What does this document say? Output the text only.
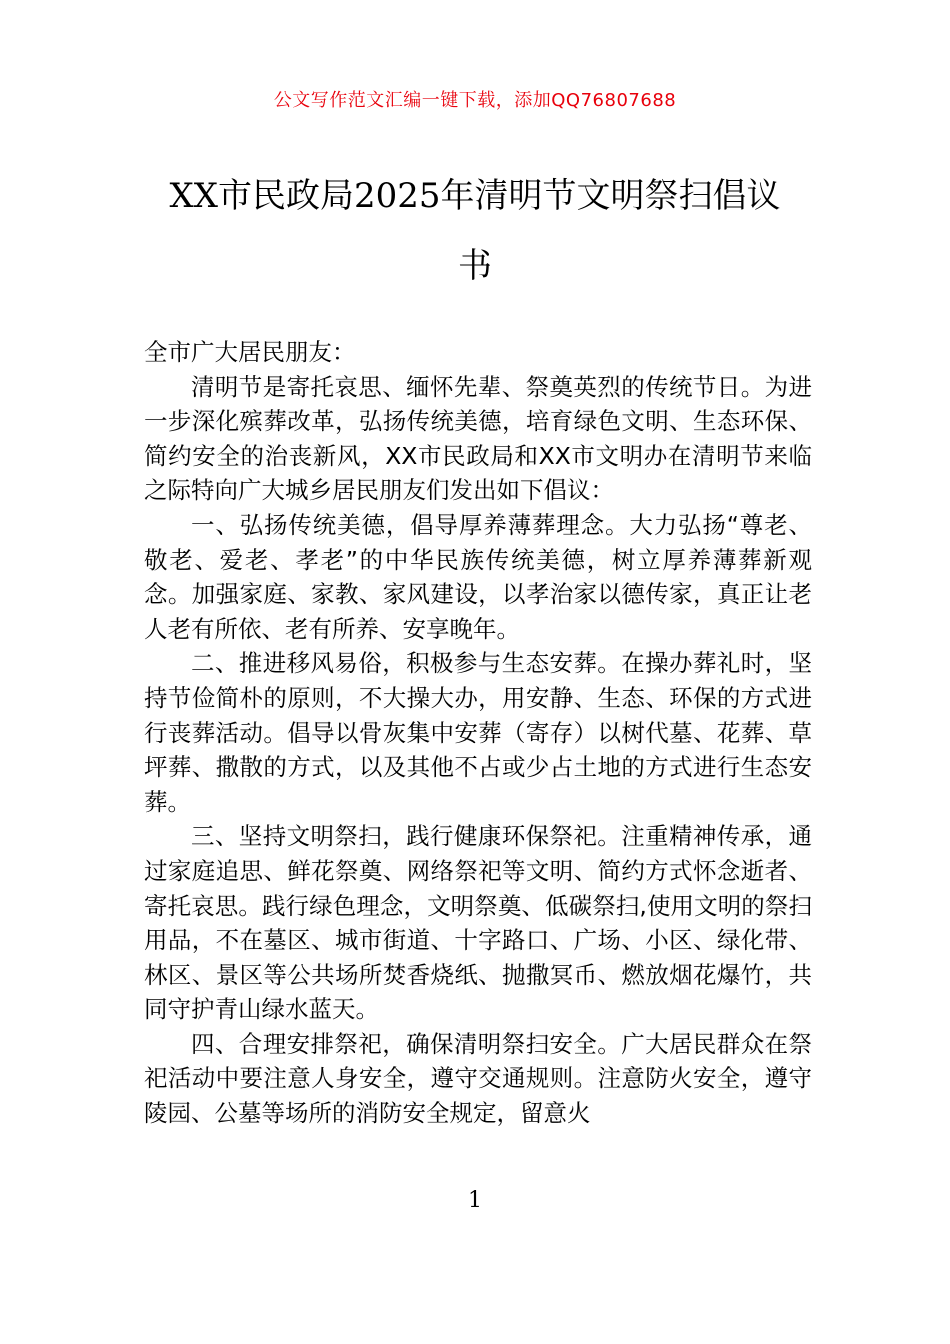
公文写作范文汇编一键下载，添加QQ76807688
XX市民政局2025年清明节文明祭扫倡议
书

全市广大居民朋友：

清明节是寄托哀思、缅怀先辈、祭奠英烈的传统节日。为进一步深化殡葬改革，弘扬传统美德，培育绿色文明、生态环保、简约安全的治丧新风，XX市民政局和XX市文明办在清明节来临之际特向广大城乡居民朋友们发出如下倡议：

一、弘扬传统美德，倡导厚养薄葬理念。大力弘扬“尊老、敬老、爱老、孝老”的中华民族传统美德，树立厚养薄葬新观念。加强家庭、家教、家风建设，以孝治家以德传家，真正让老人老有所依、老有所养、安享晚年。

二、推进移风易俗，积极参与生态安葬。在操办葬礼时，坚持节俭简朴的原则，不大操大办，用安静、生态、环保的方式进行丧葬活动。倡导以骨灰集中安葬（寄存）以树代墓、花葬、草坪葬、撒散的方式，以及其他不占或少占土地的方式进行生态安葬。

三、坚持文明祭扫，践行健康环保祭祀。注重精神传承，通过家庭追思、鲜花祭奠、网络祭祀等文明、简约方式怀念逝者、寄托哀思。践行绿色理念，文明祭奠、低碳祭扫,使用文明的祭扫用品，不在墓区、城市街道、十字路口、广场、小区、绿化带、林区、景区等公共场所焚香烧纸、抛撒冥币、燃放烟花爆竹，共同守护青山绿水蓝天。

四、合理安排祭祀，确保清明祭扫安全。广大居民群众在祭祀活动中要注意人身安全，遵守交通规则。注意防火安全，遵守陵园、公墓等场所的消防安全规定，留意火

1
